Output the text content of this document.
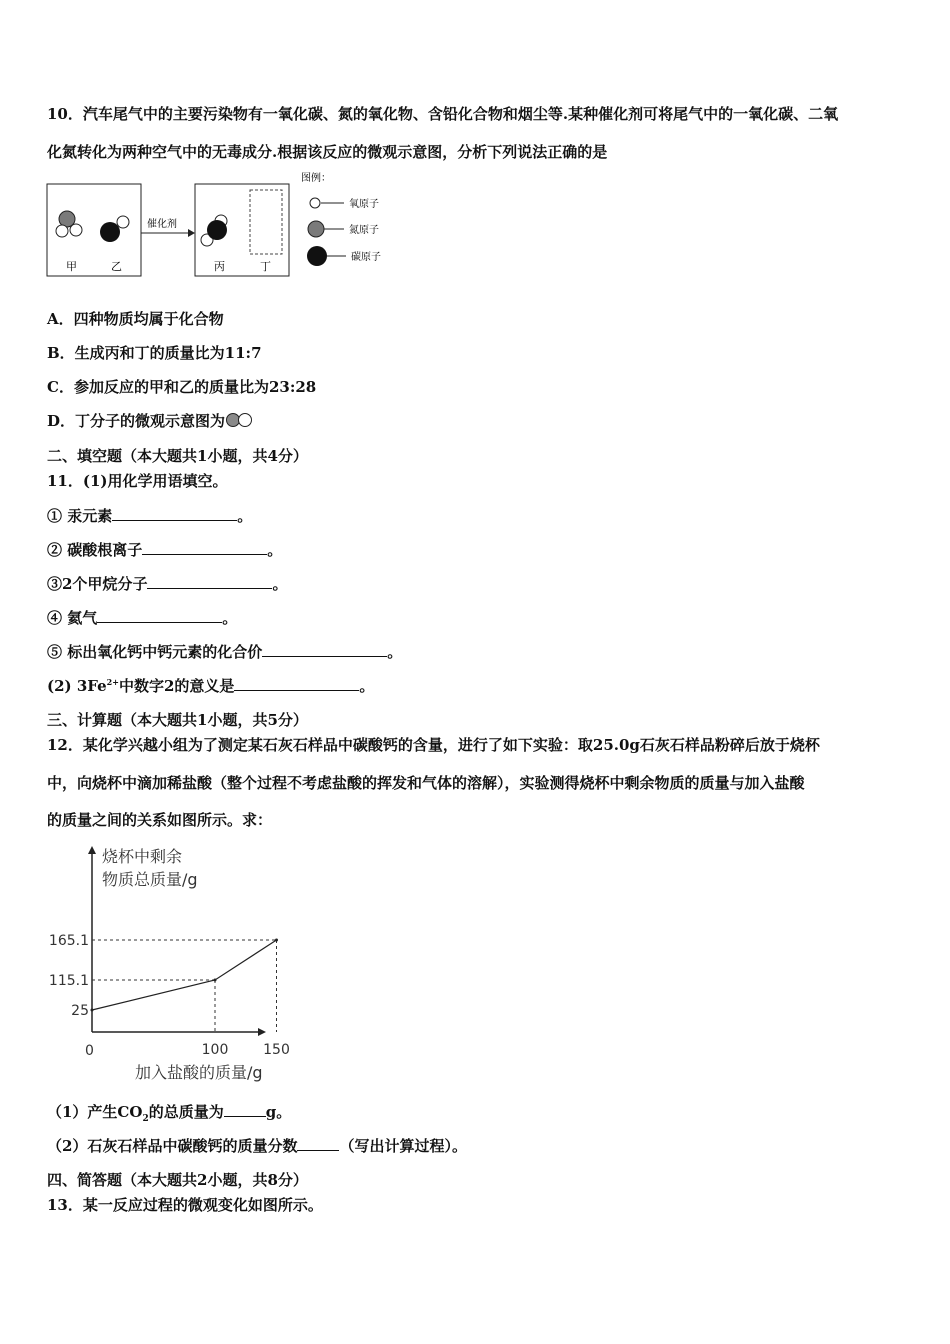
10．汽车尾气中的主要污染物有一氧化碳、氮的氧化物、含铅化合物和烟尘等.某种催化剂可将尾气中的一氧化碳、二氧
化氮转化为两种空气中的无毒成分.根据该反应的微观示意图，分析下列说法正确的是
甲	乙
催化剂
丙	丁
图例：
氧原子
氮原子
碳原子
A．四种物质均属于化合物
B．生成丙和丁的质量比为11:7
C．参加反应的甲和乙的质量比为23:28
D．丁分子的微观示意图为
二、填空题（本大题共1小题，共4分）
11．(1)用化学用语填空。
① 汞元素	。
② 碳酸根离子	。
③2个甲烷分子	。
④ 氦气	。
⑤ 标出氧化钙中钙元素的化合价	。
(2) $3Fe^{2+}$中数字2的意义是	。
三、计算题（本大题共1小题，共5分）
12．某化学兴越小组为了测定某石灰石样品中碳酸钙的含量，进行了如下实验：取25.0g石灰石样品粉碎后放于烧杯
中，向烧杯中滴加稀盐酸（整个过程不考虑盐酸的挥发和气体的溶解），实验测得烧杯中剩余物质的质量与加入盐酸
的质量之间的关系如图所示。求：
烧杯中剩余
物质总质量/g
加入盐酸的质量/g
0
165.1
115.1
25
100 150
（1）产生$CO_2$的总质量为	g。
（2）石灰石样品中碳酸钙的质量分数	（写出计算过程）。
四、简答题（本大题共2小题，共8分）
13．某一反应过程的微观变化如图所示。
